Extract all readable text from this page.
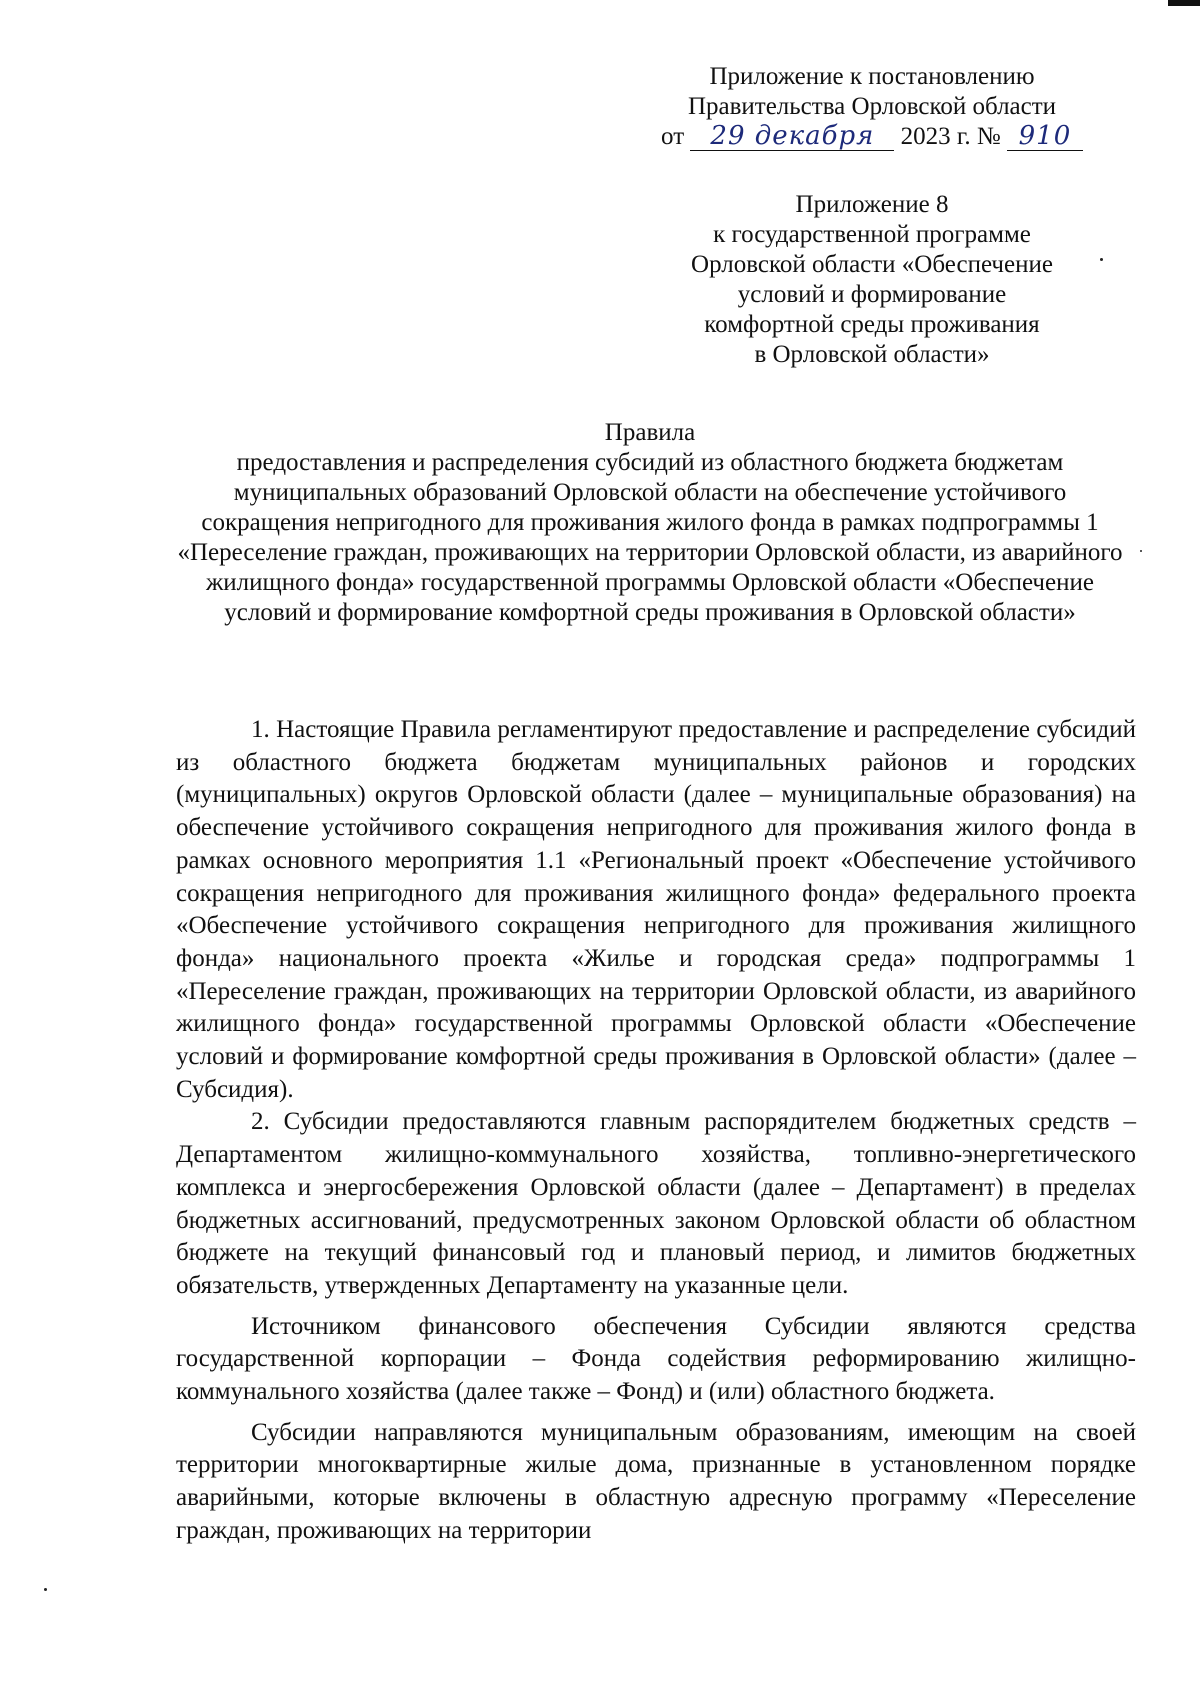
Приложение к постановлению
Правительства Орловской области
от 29 декабря 2023 г. № 910
Приложение 8
к государственной программе
Орловской области «Обеспечение
условий и формирование
комфортной среды проживания
в Орловской области»
Правила
предоставления и распределения субсидий из областного бюджета бюджетам муниципальных образований Орловской области на обеспечение устойчивого сокращения непригодного для проживания жилого фонда в рамках подпрограммы 1 «Переселение граждан, проживающих на территории Орловской области, из аварийного жилищного фонда» государственной программы Орловской области «Обеспечение условий и формирование комфортной среды проживания в Орловской области»

1. Настоящие Правила регламентируют предоставление и распределение субсидий из областного бюджета бюджетам муниципальных районов и городских (муниципальных) округов Орловской области (далее – муниципальные образования) на обеспечение устойчивого сокращения непригодного для проживания жилого фонда в рамках основного мероприятия 1.1 «Региональный проект «Обеспечение устойчивого сокращения непригодного для проживания жилищного фонда» федерального проекта «Обеспечение устойчивого сокращения непригодного для проживания жилищного фонда» национального проекта «Жилье и городская среда» подпрограммы 1 «Переселение граждан, проживающих на территории Орловской области, из аварийного жилищного фонда» государственной программы Орловской области «Обеспечение условий и формирование комфортной среды проживания в Орловской области» (далее – Субсидия).

2. Субсидии предоставляются главным распорядителем бюджетных средств – Департаментом жилищно-коммунального хозяйства, топливно-энергетического комплекса и энергосбережения Орловской области (далее – Департамент) в пределах бюджетных ассигнований, предусмотренных законом Орловской области об областном бюджете на текущий финансовый год и плановый период, и лимитов бюджетных обязательств, утвержденных Департаменту на указанные цели.

Источником финансового обеспечения Субсидии являются средства государственной корпорации – Фонда содействия реформированию жилищно-коммунального хозяйства (далее также – Фонд) и (или) областного бюджета.

Субсидии направляются муниципальным образованиям, имеющим на своей территории многоквартирные жилые дома, признанные в установленном порядке аварийными, которые включены в областную адресную программу «Переселение граждан, проживающих на территории
